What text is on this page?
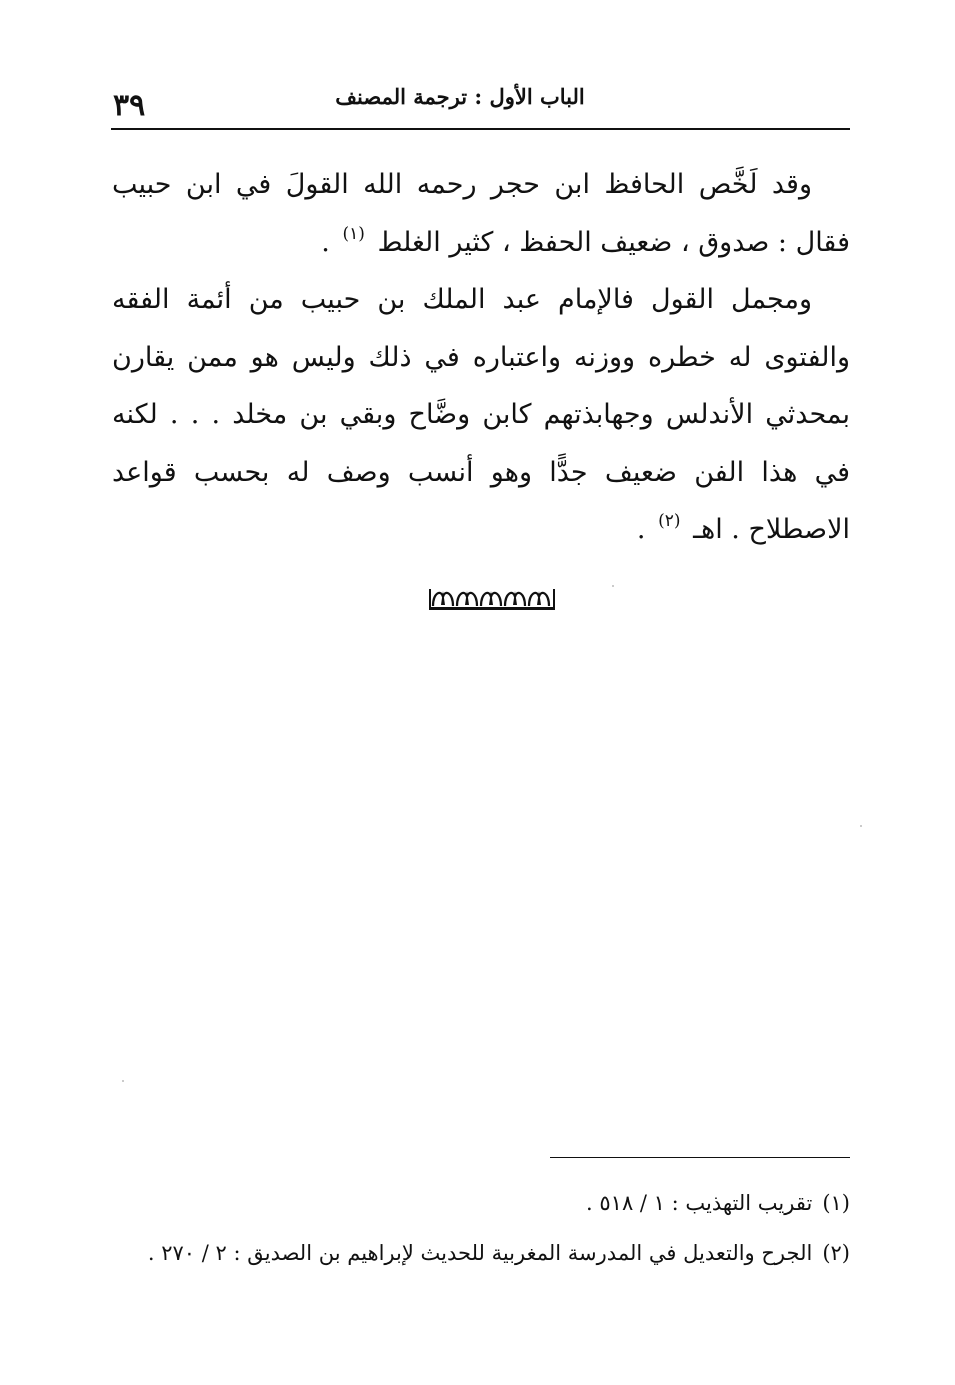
الباب الأول : ترجمة المصنف
٣٩

وقد لَخَّص الحافظ ابن حجر رحمه الله القولَ في ابن حبيب فقال : صدوق ، ضعيف الحفظ ، كثير الغلط $^{(١)}$ .

ومجمل القول فالإمام عبد الملك بن حبيب من أئمة الفقه والفتوى له خطره ووزنه واعتباره في ذلك وليس هو ممن يقارن بمحدثي الأندلس وجهابذتهم كابن وضَّاح وبقي بن مخلد . . . لكنه في هذا الفن ضعيف جدًّا وهو أنسب وصف له بحسب قواعد الاصطلاح . اهـ $^{(٢)}$ .

(١)تقريب التهذيب : ١ / ٥١٨ .

(٢)الجرح والتعديل في المدرسة المغربية للحديث لإبراهيم بن الصديق : ٢ / ٢٧٠ .
